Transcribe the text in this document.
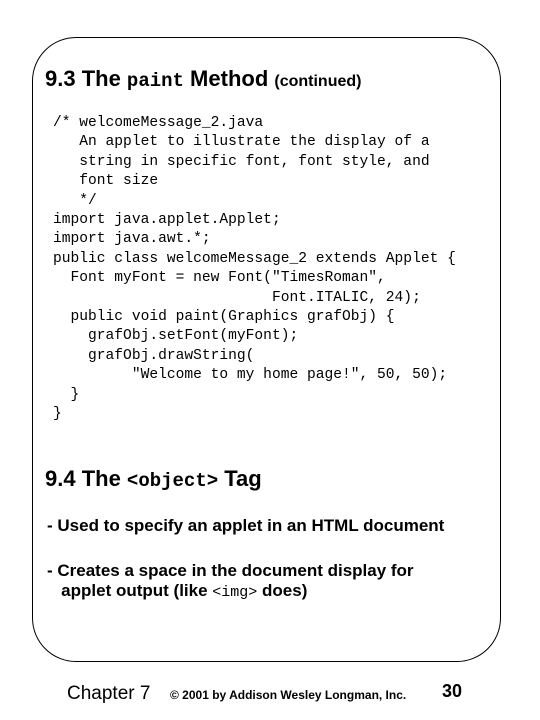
9.3 The paint Method (continued)
/* welcomeMessage_2.java
An applet to illustrate the display of a
string in specific font, font style, and
font size
*/
import java.applet.Applet;
import java.awt.*;
public class welcomeMessage_2 extends Applet {
Font myFont = new Font("TimesRoman",
Font.ITALIC, 24);
public void paint(Graphics grafObj) {
grafObj.setFont(myFont);
grafObj.drawString(
"Welcome to my home page!", 50, 50);
}
}
9.4 The <object> Tag

- Used to specify an applet in an HTML document

- Creates a space in the document display for
applet output (like <img> does)

Chapter 7 © 2001 by Addison Wesley Longman, Inc. 30
